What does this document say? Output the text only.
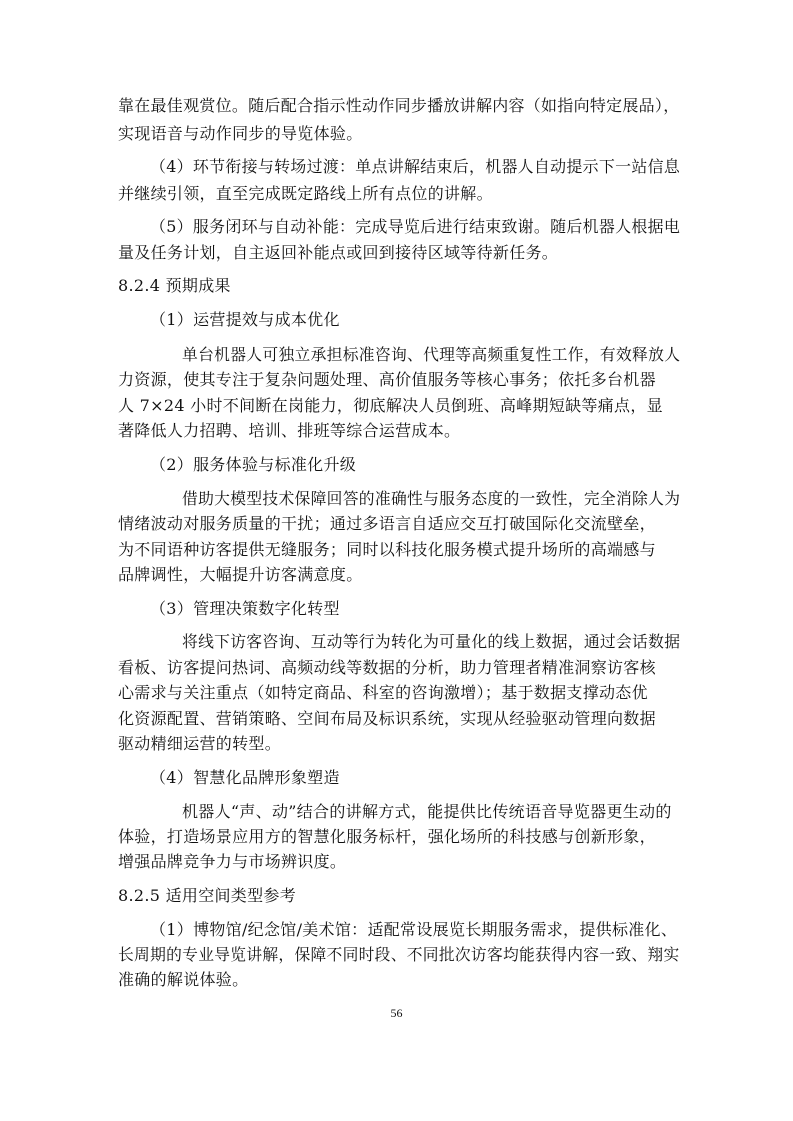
靠在最佳观赏位。随后配合指示性动作同步播放讲解内容（如指向特定展品），

实现语音与动作同步的导览体验。

（4）环节衔接与转场过渡：单点讲解结束后，机器人自动提示下一站信息

并继续引领，直至完成既定路线上所有点位的讲解。

（5）服务闭环与自动补能：完成导览后进行结束致谢。随后机器人根据电

量及任务计划，自主返回补能点或回到接待区域等待新任务。

8.2.4 预期成果

（1）运营提效与成本优化

单台机器人可独立承担标准咨询、代理等高频重复性工作，有效释放人

力资源，使其专注于复杂问题处理、高价值服务等核心事务；依托多台机器

人 7×24 小时不间断在岗能力，彻底解决人员倒班、高峰期短缺等痛点，显

著降低人力招聘、培训、排班等综合运营成本。

（2）服务体验与标准化升级

借助大模型技术保障回答的准确性与服务态度的一致性，完全消除人为

情绪波动对服务质量的干扰；通过多语言自适应交互打破国际化交流壁垒，

为不同语种访客提供无缝服务；同时以科技化服务模式提升场所的高端感与

品牌调性，大幅提升访客满意度。

（3）管理决策数字化转型

将线下访客咨询、互动等行为转化为可量化的线上数据，通过会话数据

看板、访客提问热词、高频动线等数据的分析，助力管理者精准洞察访客核

心需求与关注重点（如特定商品、科室的咨询激增）；基于数据支撑动态优

化资源配置、营销策略、空间布局及标识系统，实现从经验驱动管理向数据

驱动精细运营的转型。

（4）智慧化品牌形象塑造

机器人“声、动”结合的讲解方式，能提供比传统语音导览器更生动的

体验，打造场景应用方的智慧化服务标杆，强化场所的科技感与创新形象，

增强品牌竞争力与市场辨识度。

8.2.5 适用空间类型参考

（1）博物馆/纪念馆/美术馆：适配常设展览长期服务需求，提供标准化、

长周期的专业导览讲解，保障不同时段、不同批次访客均能获得内容一致、翔实

准确的解说体验。

56
